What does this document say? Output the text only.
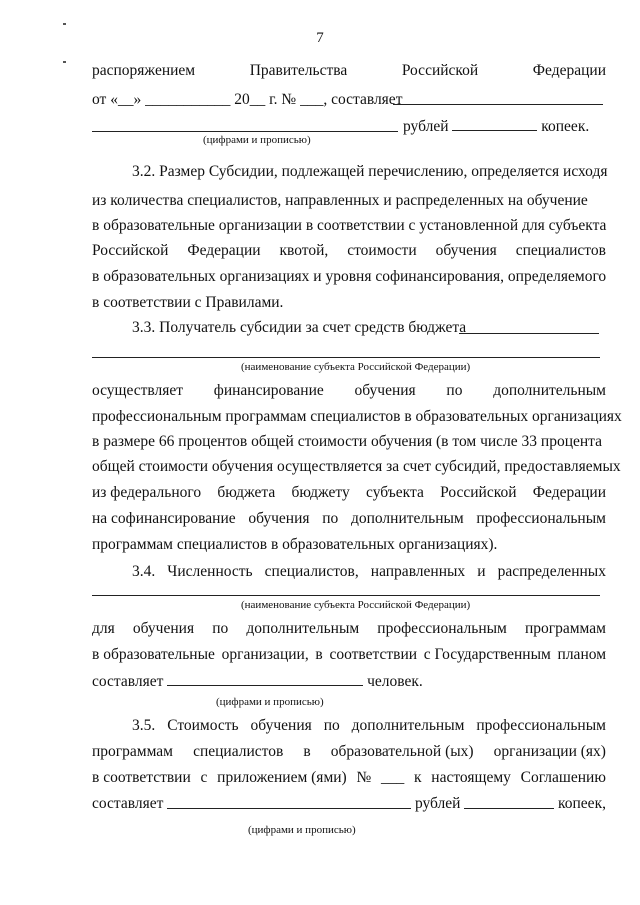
7
распоряжением	Правительства	Российской	Федерации
от «__» ___________ 20__ г. № ___, составляет
рублей	копеек.
(цифрами и прописью)
3.2. Размер Субсидии, подлежащей перечислению, определяется исходя
из количества специалистов, направленных и распределенных на обучение
в образовательные организации в соответствии с установленной для субъекта
Российской Федерации квотой, стоимости обучения специалистов
в образовательных организациях и уровня софинансирования, определяемого
в соответствии с Правилами.
3.3. Получатель субсидии за счет средств бюджета
(наименование субъекта Российской Федерации)
осуществляет финансирование обучения по дополнительным
профессиональным программам специалистов в образовательных организациях
в размере 66 процентов общей стоимости обучения (в том числе 33 процента
общей стоимости обучения осуществляется за счет субсидий, предоставляемых
из федерального бюджета бюджету субъекта Российской Федерации
на софинансирование обучения по дополнительным профессиональным
программам специалистов в образовательных организациях).
3.4. Численность специалистов, направленных и распределенных
(наименование субъекта Российской Федерации)
для обучения по дополнительным профессиональным программам
в образовательные организации, в соответствии с Государственным планом
составляет	человек.
(цифрами и прописью)
3.5. Стоимость обучения по дополнительным профессиональным
программам специалистов в образовательной (ых) организации (ях)
в соответствии с приложением (ями) № ___ к настоящему Соглашению
составляет	рублей	копеек,
(цифрами и прописью)
